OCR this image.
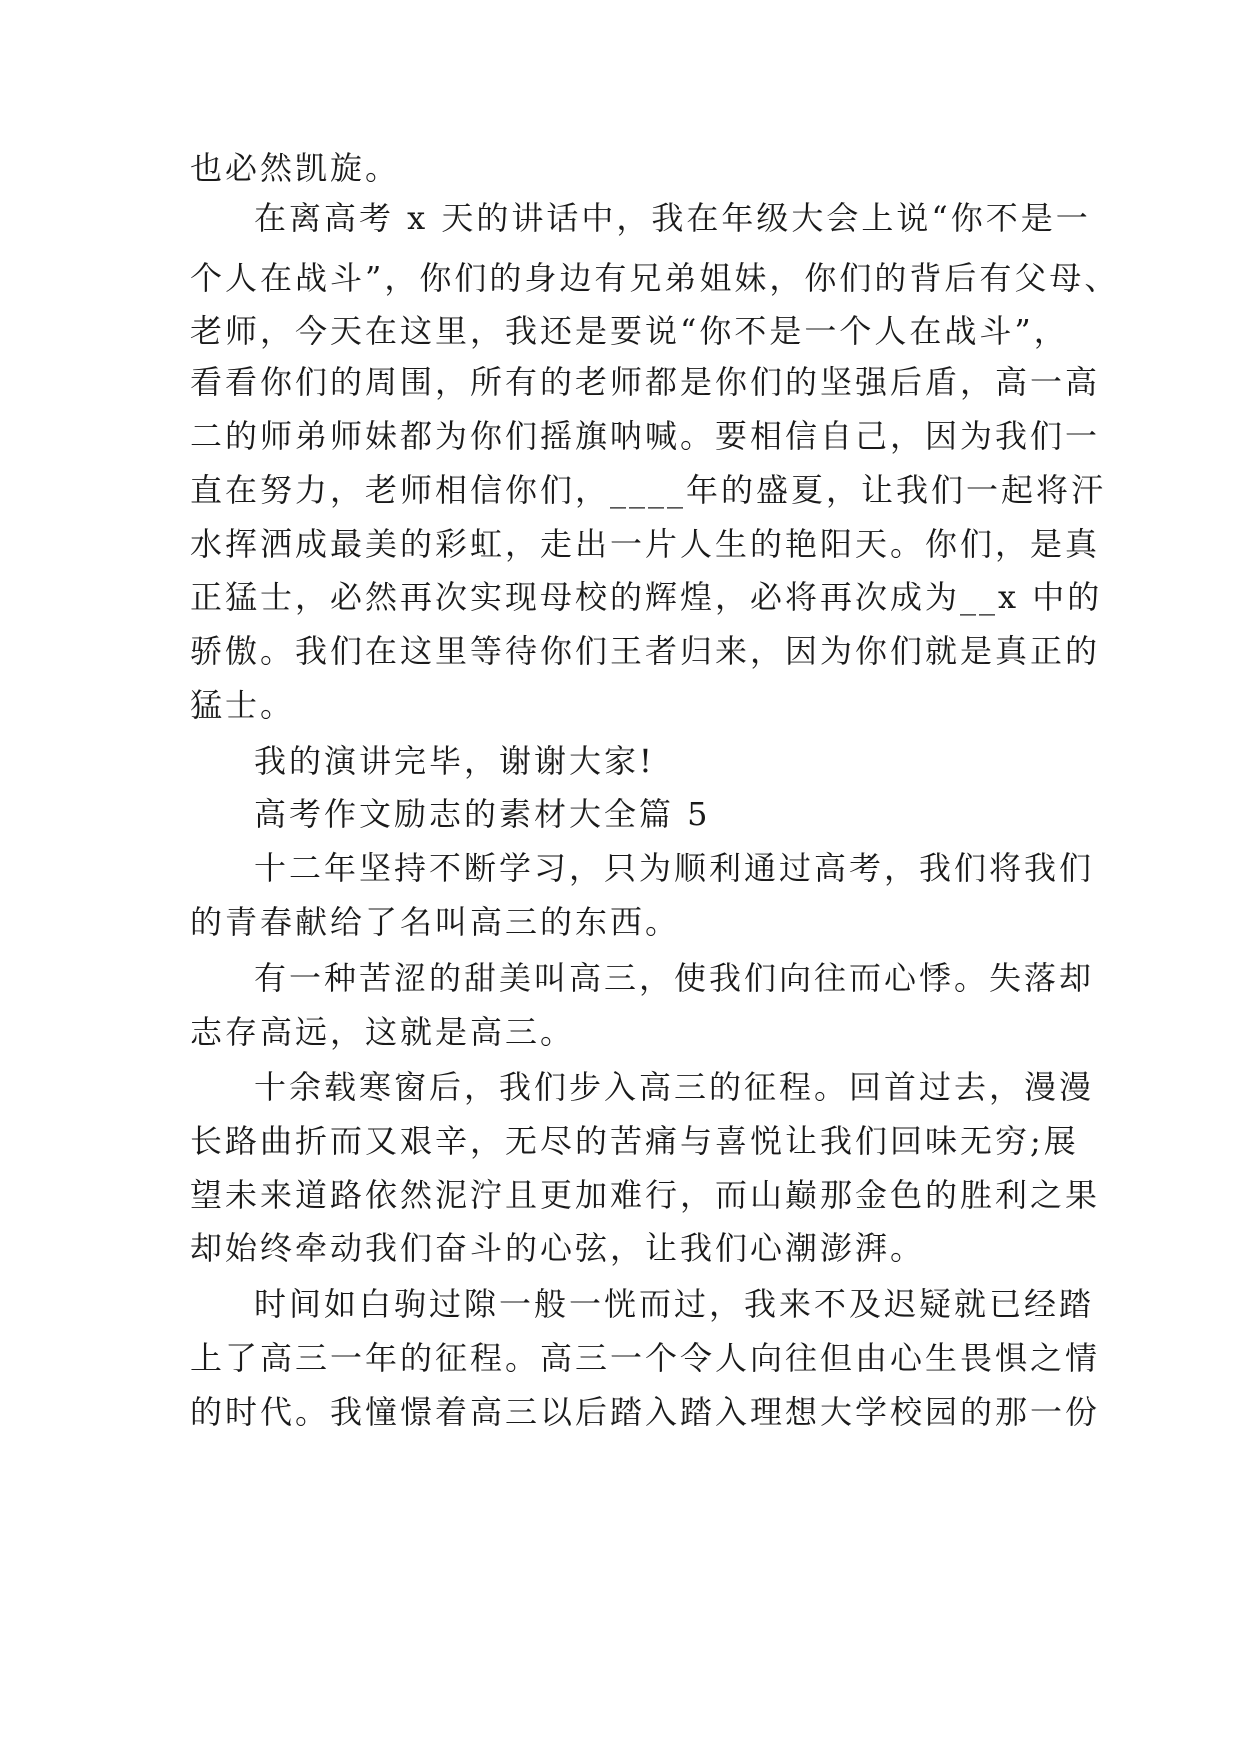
也必然凯旋。
在离高考 x 天的讲话中，我在年级大会上说“你不是一
个人在战斗”，你们的身边有兄弟姐妹，你们的背后有父母、
老师，今天在这里，我还是要说“你不是一个人在战斗”，
看看你们的周围，所有的老师都是你们的坚强后盾，高一高
二的师弟师妹都为你们摇旗呐喊。要相信自己，因为我们一
直在努力，老师相信你们，____年的盛夏，让我们一起将汗
水挥洒成最美的彩虹，走出一片人生的艳阳天。你们，是真
正猛士，必然再次实现母校的辉煌，必将再次成为__x 中的
骄傲。我们在这里等待你们王者归来，因为你们就是真正的
猛士。
我的演讲完毕，谢谢大家!
高考作文励志的素材大全篇 5
十二年坚持不断学习，只为顺利通过高考，我们将我们
的青春献给了名叫高三的东西。
有一种苦涩的甜美叫高三，使我们向往而心悸。失落却
志存高远，这就是高三。
十余载寒窗后，我们步入高三的征程。回首过去，漫漫
长路曲折而又艰辛，无尽的苦痛与喜悦让我们回味无穷;展
望未来道路依然泥泞且更加难行，而山巅那金色的胜利之果
却始终牵动我们奋斗的心弦，让我们心潮澎湃。
时间如白驹过隙一般一恍而过，我来不及迟疑就已经踏
上了高三一年的征程。高三一个令人向往但由心生畏惧之情
的时代。我憧憬着高三以后踏入踏入理想大学校园的那一份
